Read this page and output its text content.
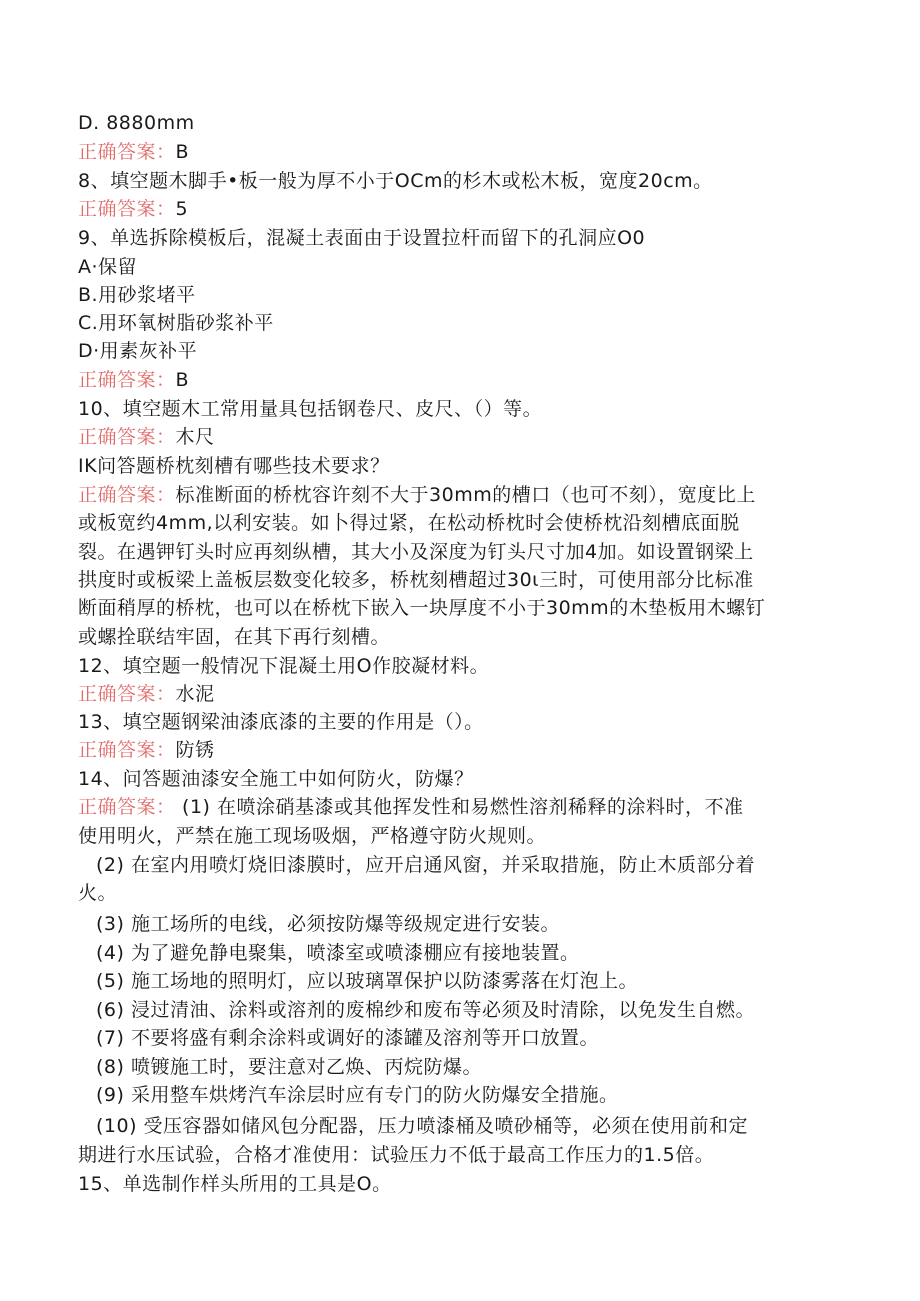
D. 8880mm
正确答案：B
8、填空题木脚手•板一般为厚不小于OCm的杉木或松木板，宽度20cm。
正确答案：5
9、单选拆除模板后，混凝土表面由于设置拉杆而留下的孔洞应O0
A·保留
B.用砂浆堵平
C.用环氧树脂砂浆补平
D·用素灰补平
正确答案：B
10、填空题木工常用量具包括钢卷尺、皮尺、（）等。
正确答案：木尺
IK问答题桥枕刻槽有哪些技术要求？
正确答案：标准断面的桥枕容许刻不大于30mm的槽口（也可不刻），宽度比上
或板宽约4mm,以利安装。如卜得过紧，在松动桥枕时会使桥枕沿刻槽底面脱
裂。在遇钾钉头时应再刻纵槽，其大小及深度为钉头尺寸加4加。如设置钢梁上
拱度时或板梁上盖板层数变化较多，桥枕刻槽超过30ι三时，可使用部分比标准
断面稍厚的桥枕，也可以在桥枕下嵌入一块厚度不小于30mm的木垫板用木螺钉
或螺拴联结牢固，在其下再行刻槽。
12、填空题一般情况下混凝土用O作胶凝材料。
正确答案：水泥
13、填空题钢梁油漆底漆的主要的作用是（）。
正确答案：防锈
14、问答题油漆安全施工中如何防火，防爆？
正确答案： (1) 在喷涂硝基漆或其他挥发性和易燃性溶剂稀释的涂料时，不准
使用明火，严禁在施工现场吸烟，严格遵守防火规则。
(2) 在室内用喷灯烧旧漆膜时，应开启通风窗，并采取措施，防止木质部分着
火。
(3) 施工场所的电线，必须按防爆等级规定进行安装。
(4) 为了避免静电聚集，喷漆室或喷漆棚应有接地装置。
(5) 施工场地的照明灯，应以玻璃罩保护以防漆雾落在灯泡上。
(6) 浸过清油、涂料或溶剂的废棉纱和废布等必须及时清除，以免发生自燃。
(7) 不要将盛有剩余涂料或调好的漆罐及溶剂等开口放置。
(8) 喷镀施工时，要注意对乙焕、丙烷防爆。
(9) 采用整车烘烤汽车涂层时应有专门的防火防爆安全措施。
(10) 受压容器如储风包分配器，压力喷漆桶及喷砂桶等，必须在使用前和定
期进行水压试验，合格才准使用：试验压力不低于最高工作压力的1.5倍。
15、单选制作样头所用的工具是O。
